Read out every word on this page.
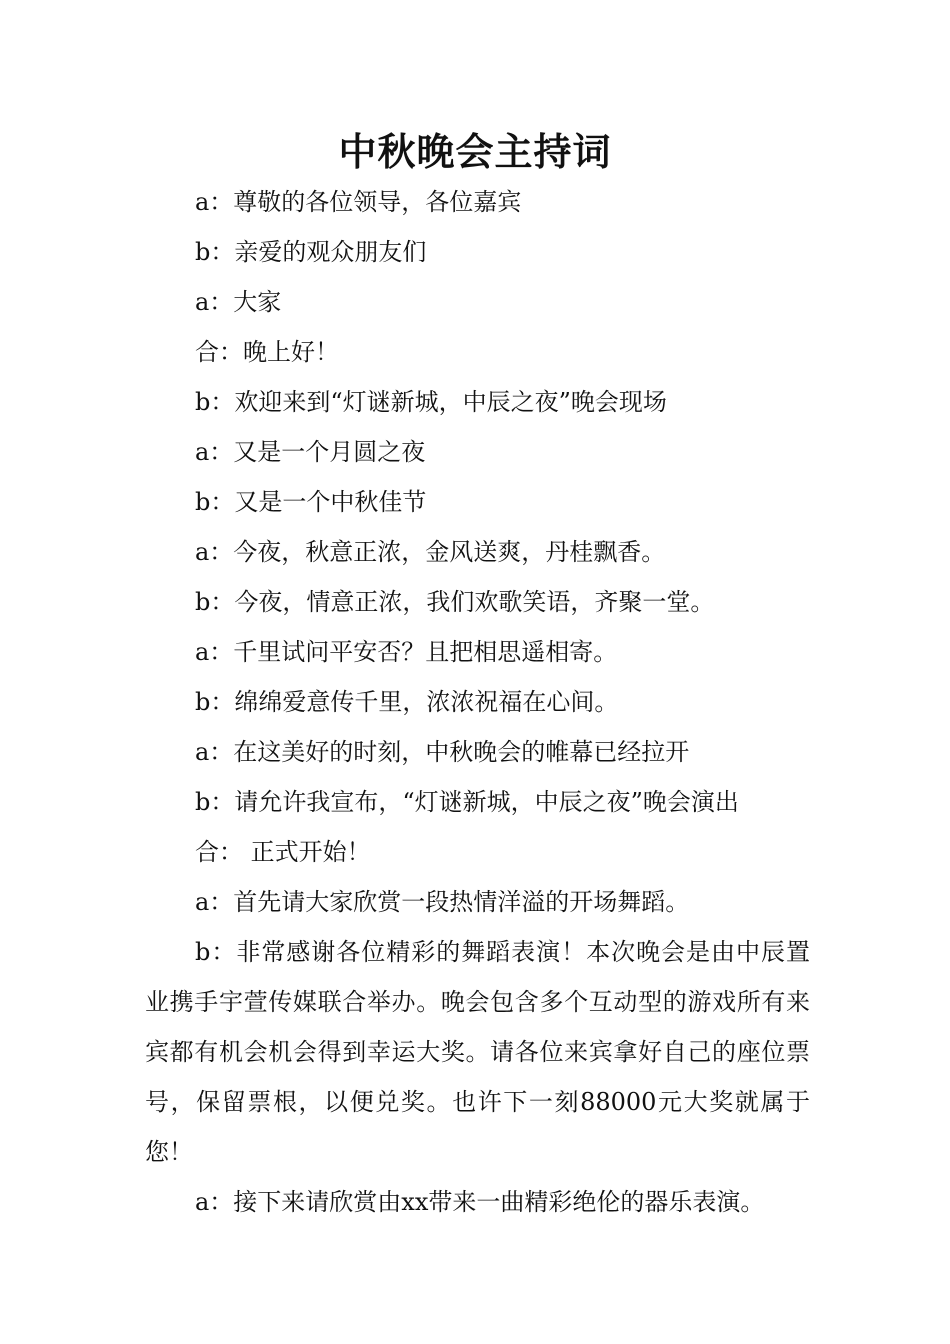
中秋晚会主持词

a：尊敬的各位领导，各位嘉宾

b：亲爱的观众朋友们

a：大家

合：晚上好！

b：欢迎来到“灯谜新城，中辰之夜”晚会现场

a：又是一个月圆之夜

b：又是一个中秋佳节

a：今夜，秋意正浓，金风送爽，丹桂飘香。

b：今夜，情意正浓，我们欢歌笑语，齐聚一堂。

a：千里试问平安否？且把相思遥相寄。

b：绵绵爱意传千里，浓浓祝福在心间。

a：在这美好的时刻，中秋晚会的帷幕已经拉开

b：请允许我宣布，“灯谜新城，中辰之夜”晚会演出

合： 正式开始！

a：首先请大家欣赏一段热情洋溢的开场舞蹈。

b：非常感谢各位精彩的舞蹈表演！本次晚会是由中辰置业携手宇萱传媒联合举办。晚会包含多个互动型的游戏所有来宾都有机会机会得到幸运大奖。请各位来宾拿好自己的座位票号，保留票根，以便兑奖。也许下一刻88000元大奖就属于您！

a：接下来请欣赏由xx带来一曲精彩绝伦的器乐表演。
